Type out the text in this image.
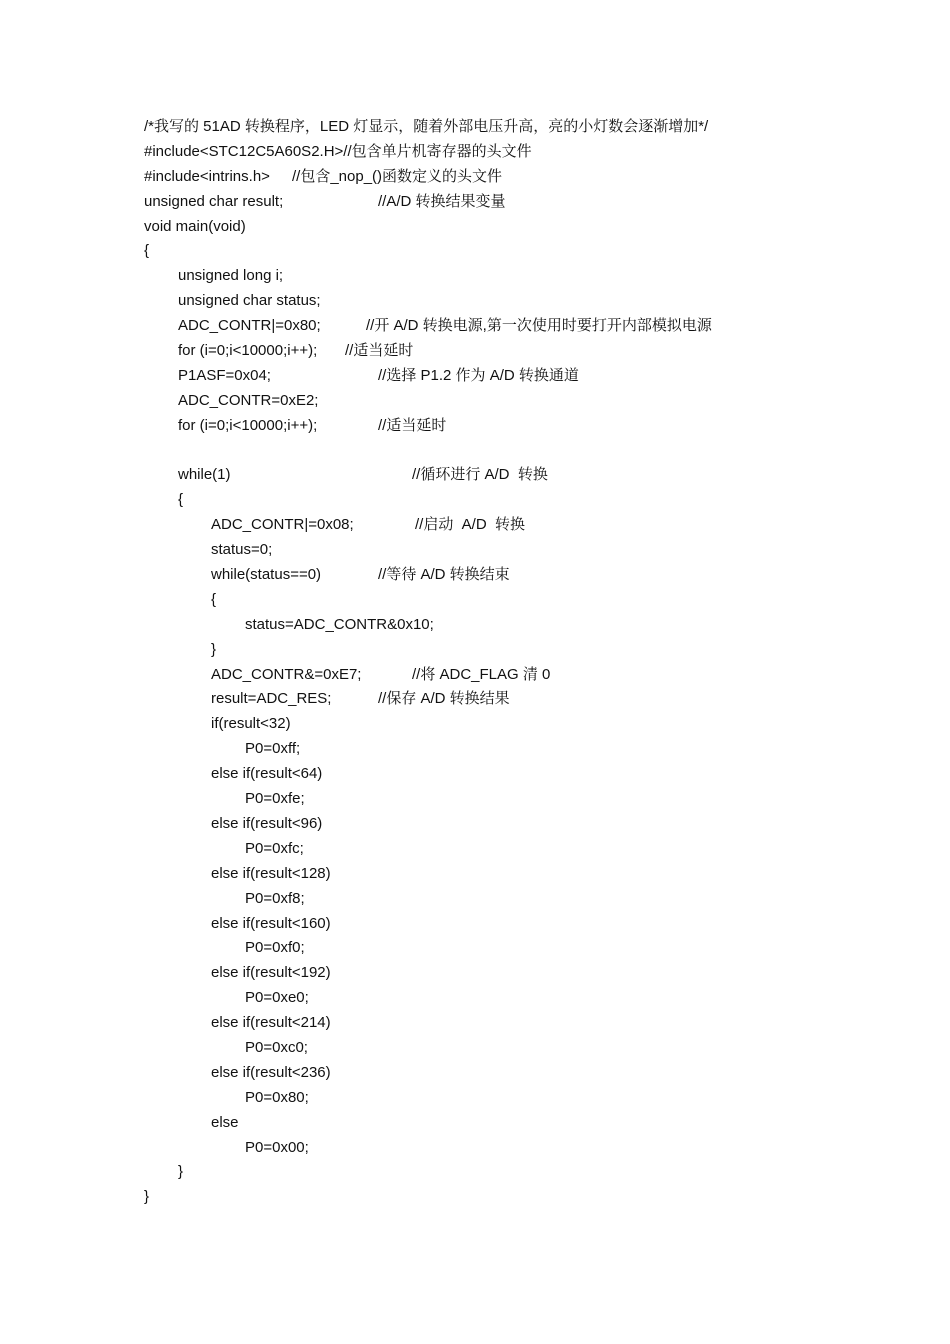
/*我写的 51AD 转换程序，LED 灯显示，随着外部电压升高，亮的小灯数会逐渐增加*/
#include<STC12C5A60S2.H>//包含单片机寄存器的头文件
#include<intrins.h> //包含_nop_()函数定义的头文件
unsigned char result;	//A/D 转换结果变量
void main(void)
{
unsigned long i;
unsigned char status;
ADC_CONTR|=0x80;	//开 A/D 转换电源,第一次使用时要打开内部模拟电源
for (i=0;i<10000;i++); //适当延时
P1ASF=0x04;	//选择 P1.2 作为 A/D 转换通道
ADC_CONTR=0xE2;
for (i=0;i<10000;i++);	//适当延时
while(1)	//循环进行 A/D  转换
{
ADC_CONTR|=0x08;	//启动  A/D  转换
status=0;
while(status==0)	//等待 A/D 转换结束
{
status=ADC_CONTR&0x10;
}
ADC_CONTR&=0xE7;	//将 ADC_FLAG 清 0
result=ADC_RES;	//保存 A/D 转换结果
if(result<32)
P0=0xff;
else if(result<64)
P0=0xfe;
else if(result<96)
P0=0xfc;
else if(result<128)
P0=0xf8;
else if(result<160)
P0=0xf0;
else if(result<192)
P0=0xe0;
else if(result<214)
P0=0xc0;
else if(result<236)
P0=0x80;
else
P0=0x00;
}
}
